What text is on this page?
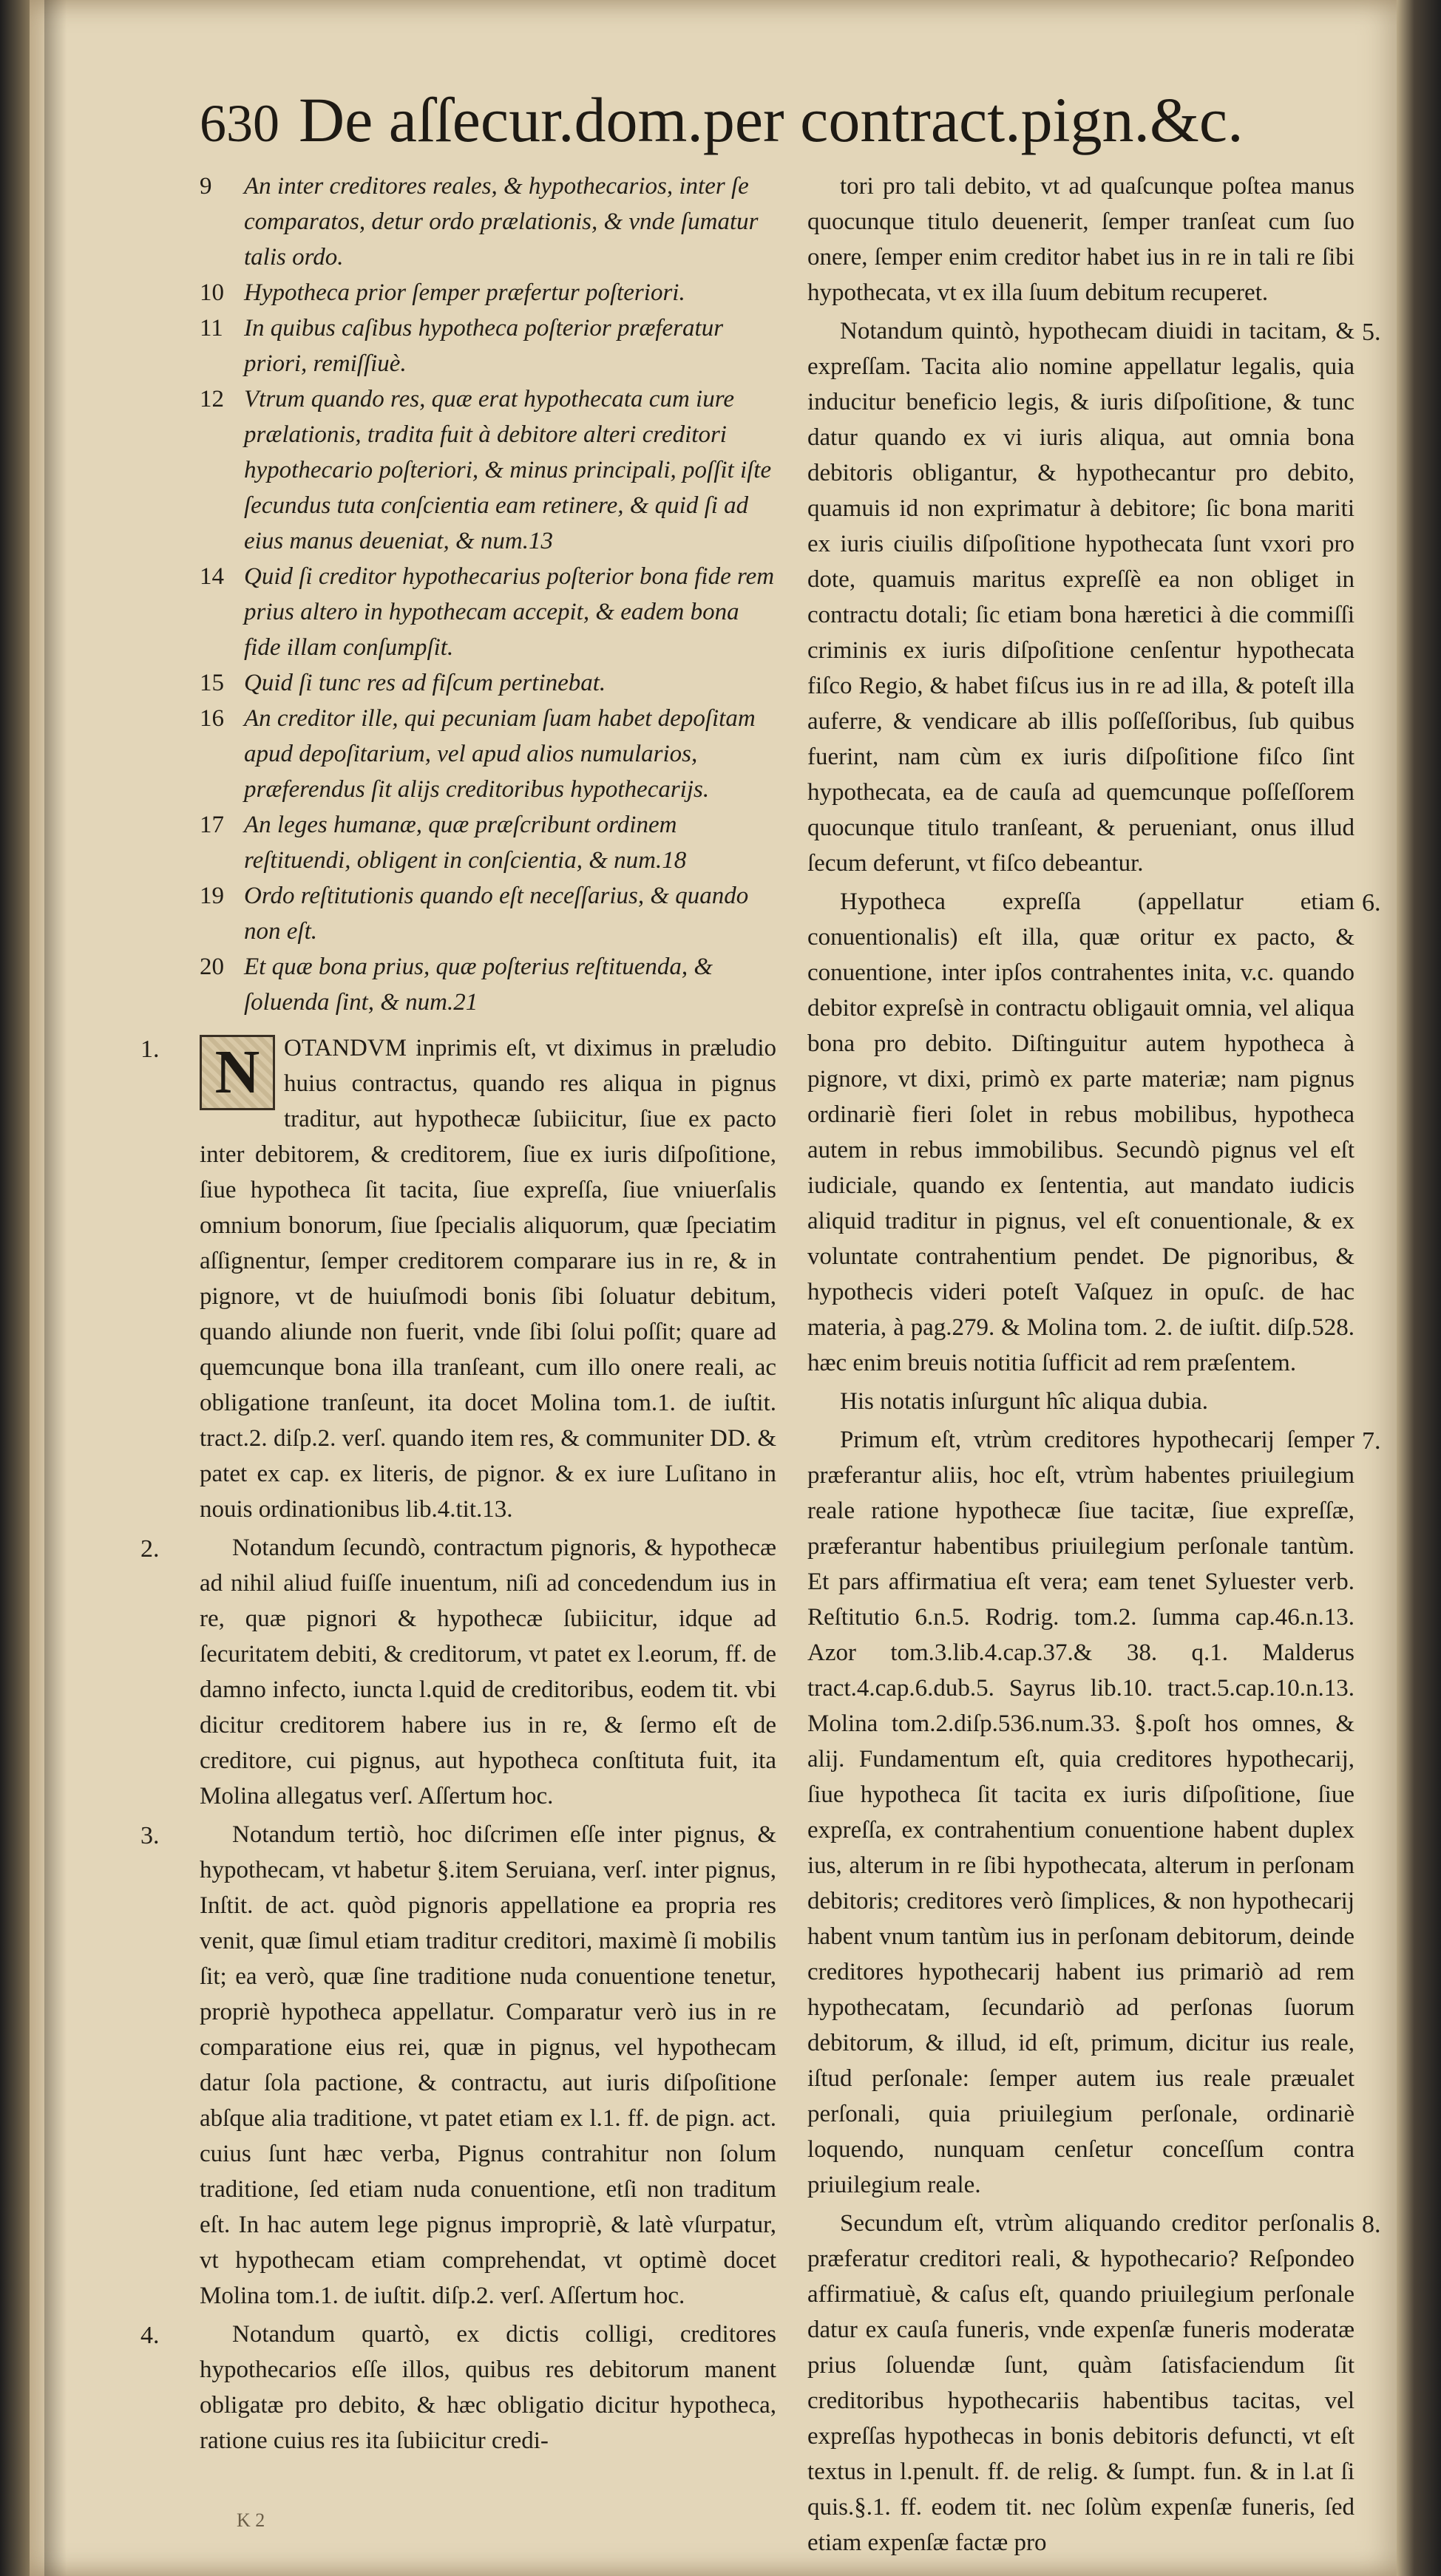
630 De aſſecur.dom.per contract.pign.&c.
9	An inter creditores reales, & hypothecarios, inter ſe comparatos, detur ordo prælationis, & vnde ſumatur talis ordo.
10 Hypotheca prior ſemper præfertur poſteriori.
11 In quibus caſibus hypotheca poſterior præferatur priori, remiſſiuè.
12 Vtrum quando res, quæ erat hypothecata cum iure prælationis, tradita fuit à debitore alteri creditori hypothecario poſteriori, & minus principali, poſſit iſte ſecundus tuta conſcientia eam retinere, & quid ſi ad eius manus deueniat, & num.13
14 Quid ſi creditor hypothecarius poſterior bona fide rem prius altero in hypothecam accepit, & eadem bona fide illam conſumpſit.
15 Quid ſi tunc res ad fiſcum pertinebat.
16 An creditor ille, qui pecuniam ſuam habet depoſitam apud depoſitarium, vel apud alios numularios, præferendus ſit alijs creditoribus hypothecarijs.
17 An leges humanæ, quæ præſcribunt ordinem reſtituendi, obligent in conſcientia, & num.18
19 Ordo reſtitutionis quando eſt neceſſarius, & quando non eſt.
20 Et quæ bona prius, quæ poſterius reſtituenda, & ſoluenda ſint, & num.21
1. N OTANDVM inprimis eſt, vt diximus in præludio huius contractus, quando res aliqua in pignus traditur, aut hypothecæ ſubiicitur, ſiue ex pacto inter debitorem, & creditorem, ſiue ex iuris diſpoſitione, ſiue hypotheca ſit tacita, ſiue expreſſa, ſiue vniuerſalis omnium bonorum, ſiue ſpecialis aliquorum, quæ ſpeciatim aſſignentur, ſemper creditorem comparare ius in re, & in pignore, vt de huiuſmodi bonis ſibi ſoluatur debitum, quando aliunde non fuerit, vnde ſibi ſolui poſſit; quare ad quemcunque bona illa tranſeant, cum illo onere reali, ac obligatione tranſeunt, ita docet Molina tom.1. de iuſtit. tract.2. diſp.2. verſ. quando item res, & communiter DD. & patet ex cap. ex literis, de pignor. & ex iure Luſitano in nouis ordinationibus lib.4.tit.13.

2.	Notandum ſecundò, contractum pignoris, & hypothecæ ad nihil aliud fuiſſe inuentum, niſi ad concedendum ius in re, quæ pignori & hypothecæ ſubiicitur, idque ad ſecuritatem debiti, & creditorum, vt patet ex l.eorum, ff. de damno infecto, iuncta l.quid de creditoribus, eodem tit. vbi dicitur creditorem habere ius in re, & ſermo eſt de creditore, cui pignus, aut hypotheca conſtituta fuit, ita Molina allegatus verſ. Aſſertum hoc.

3.	Notandum tertiò, hoc diſcrimen eſſe inter pignus, & hypothecam, vt habetur §.item Seruiana, verſ. inter pignus, Inſtit. de act. quòd pignoris appellatione ea propria res venit, quæ ſimul etiam traditur creditori, maximè ſi mobilis ſit; ea verò, quæ ſine traditione nuda conuentione tenetur, propriè hypotheca appellatur. Comparatur verò ius in re comparatione eius rei, quæ in pignus, vel hypothecam datur ſola pactione, & contractu, aut iuris diſpoſitione abſque alia traditione, vt patet etiam ex l.1. ff. de pign. act. cuius ſunt hæc verba, Pignus contrahitur non ſolum traditione, ſed etiam nuda conuentione, etſi non traditum eſt. In hac autem lege pignus impropriè, & latè vſurpatur, vt hypothecam etiam comprehendat, vt optimè docet Molina tom.1. de iuſtit. diſp.2. verſ. Aſſertum hoc.

4.	Notandum quartò, ex dictis colligi, creditores hypothecarios eſſe illos, quibus res debitorum manent obligatæ pro debito, & hæc obligatio dicitur hypotheca, ratione cuius res ita ſubiicitur credi-

tori pro tali debito, vt ad quaſcunque poſtea manus quocunque titulo deuenerit, ſemper tranſeat cum ſuo onere, ſemper enim creditor habet ius in re in tali re ſibi hypothecata, vt ex illa ſuum debitum recuperet.

5.

Notandum quintò, hypothecam diuidi in tacitam, & expreſſam. Tacita alio nomine appellatur legalis, quia inducitur beneficio legis, & iuris diſpoſitione, & tunc datur quando ex vi iuris aliqua, aut omnia bona debitoris obligantur, & hypothecantur pro debito, quamuis id non exprimatur à debitore; ſic bona mariti ex iuris ciuilis diſpoſitione hypothecata ſunt vxori pro dote, quamuis maritus expreſſè ea non obliget in contractu dotali; ſic etiam bona hæretici à die commiſſi criminis ex iuris diſpoſitione cenſentur hypothecata fiſco Regio, & habet fiſcus ius in re ad illa, & poteſt illa auferre, & vendicare ab illis poſſeſſoribus, ſub quibus fuerint, nam cùm ex iuris diſpoſitione fiſco ſint hypothecata, ea de cauſa ad quemcunque poſſeſſorem quocunque titulo tranſeant, & perueniant, onus illud ſecum deferunt, vt fiſco debeantur.

6.

Hypotheca expreſſa (appellatur etiam conuentionalis) eſt illa, quæ oritur ex pacto, & conuentione, inter ipſos contrahentes inita, v.c. quando debitor expreſsè in contractu obligauit omnia, vel aliqua bona pro debito. Diſtinguitur autem hypotheca à pignore, vt dixi, primò ex parte materiæ; nam pignus ordinariè fieri ſolet in rebus mobilibus, hypotheca autem in rebus immobilibus. Secundò pignus vel eſt iudiciale, quando ex ſententia, aut mandato iudicis aliquid traditur in pignus, vel eſt conuentionale, & ex voluntate contrahentium pendet. De pignoribus, & hypothecis videri poteſt Vaſquez in opuſc. de hac materia, à pag.279. & Molina tom. 2. de iuſtit. diſp.528. hæc enim breuis notitia ſufficit ad rem præſentem.

His notatis inſurgunt hîc aliqua dubia.

7.

Primum eſt, vtrùm creditores hypothecarij ſemper præferantur aliis, hoc eſt, vtrùm habentes priuilegium reale ratione hypothecæ ſiue tacitæ, ſiue expreſſæ, præferantur habentibus priuilegium perſonale tantùm. Et pars affirmatiua eſt vera; eam tenet Syluester verb. Reſtitutio 6.n.5. Rodrig. tom.2. ſumma cap.46.n.13. Azor tom.3.lib.4.cap.37.& 38. q.1. Malderus tract.4.cap.6.dub.5. Sayrus lib.10. tract.5.cap.10.n.13. Molina tom.2.diſp.536.num.33. §.poſt hos omnes, & alij. Fundamentum eſt, quia creditores hypothecarij, ſiue hypotheca ſit tacita ex iuris diſpoſitione, ſiue expreſſa, ex contrahentium conuentione habent duplex ius, alterum in re ſibi hypothecata, alterum in perſonam debitoris; creditores verò ſimplices, & non hypothecarij habent vnum tantùm ius in perſonam debitorum, deinde creditores hypothecarij habent ius primariò ad rem hypothecatam, ſecundariò ad perſonas ſuorum debitorum, & illud, id eſt, primum, dicitur ius reale, iſtud perſonale: ſemper autem ius reale præualet perſonali, quia priuilegium perſonale, ordinariè loquendo, nunquam cenſetur conceſſum contra priuilegium reale.

8.

Secundum eſt, vtrùm aliquando creditor perſonalis præferatur creditori reali, & hypothecario? Reſpondeo affirmatiuè, & caſus eſt, quando priuilegium perſonale datur ex cauſa funeris, vnde expenſæ funeris moderatæ prius ſoluendæ ſunt, quàm ſatisfaciendum ſit creditoribus hypothecariis habentibus tacitas, vel expreſſas hypothecas in bonis debitoris defuncti, vt eſt textus in l.penult. ff. de relig. & ſumpt. fun. & in l.at ſi quis.§.1. ff. eodem tit. nec ſolùm expenſæ funeris, ſed etiam expenſæ factæ pro

K 2
